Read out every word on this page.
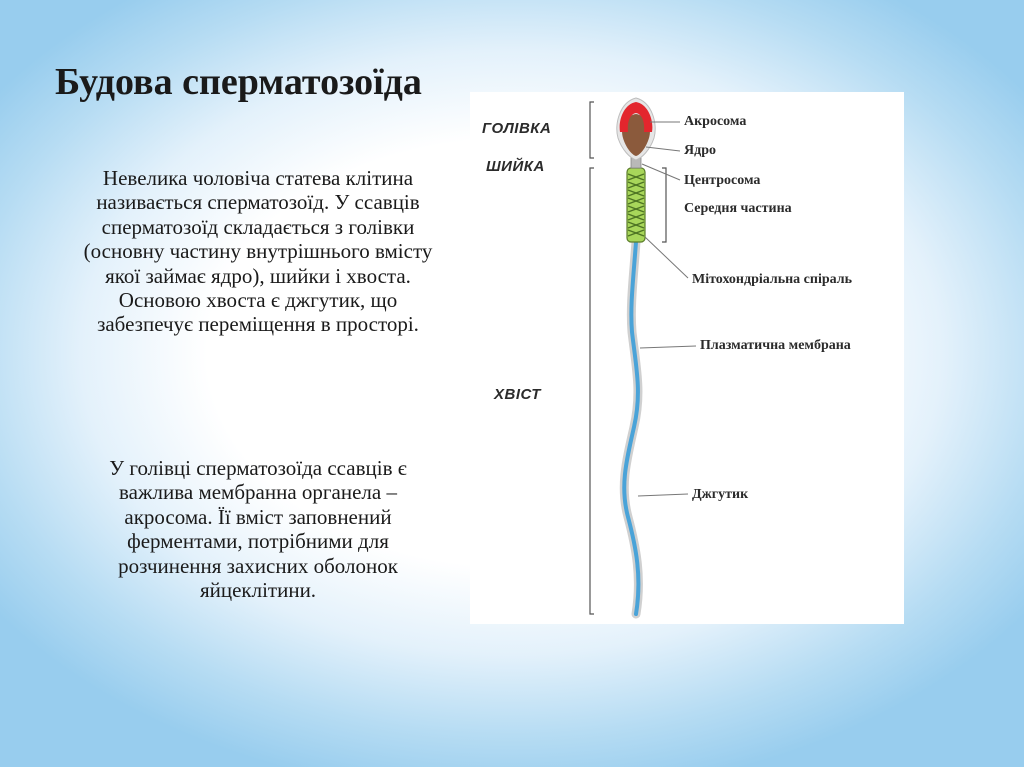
Будова сперматозоїда

Невелика чоловіча статева клітина називається сперматозоїд. У ссавців сперматозоїд складається з голівки (основну частину внутрішнього вмісту якої займає ядро), шийки і хвоста. Основою хвоста є джгутик, що забезпечує переміщення в просторі.

У голівці сперматозоїда ссавців є важлива мембранна органела – акросома. Її вміст заповнений ферментами, потрібними для розчинення захисних оболонок яйцеклітини.

ГОЛІВКА
ШИЙКА
ХВІСТ
Акросома
Ядро
Центросома
Середня частина
Мітохондріальна спіраль
Плазматична мембрана
Джгутик
